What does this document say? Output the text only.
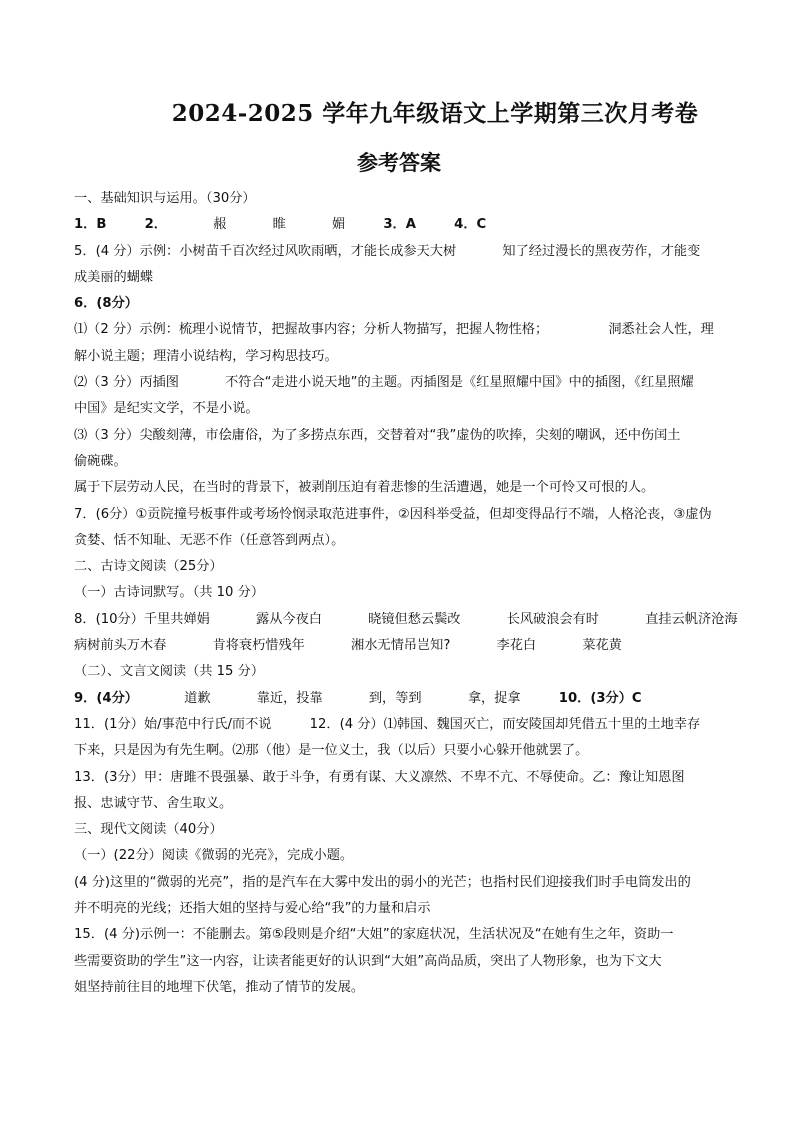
2024-2025 学年九年级语文上学期第三次月考卷
参考答案
一、基础知识与运用。（30分）
1．B	2．	赧	睢	媚	3．A	4．C
5．(4 分）示例：小树苗千百次经过风吹雨晒，才能长成参天大树	知了经过漫长的黑夜劳作，才能变
成美丽的蝴蝶
6．(8分）
⑴（2 分）示例：梳理小说情节，把握故事内容；分析人物描写，把握人物性格；	洞悉社会人性，理
解小说主题；理清小说结构，学习构思技巧。
⑵（3 分）丙插图	不符合“走进小说天地”的主题。丙插图是《红星照耀中国》中的插图，《红星照耀
中国》是纪实文学，不是小说。
⑶（3 分）尖酸刻薄，市侩庸俗，为了多捞点东西，交替着对“我”虚伪的吹捧，尖刻的嘲讽，还中伤闰土
偷碗碟。
属于下层劳动人民，在当时的背景下，被剥削压迫有着悲惨的生活遭遇，她是一个可怜又可恨的人。
7．(6分）①贡院撞号板事件或考场怜悯录取范进事件，②因科举受益，但却变得品行不端，人格沦丧，③虚伪
贪婪、恬不知耻、无恶不作（任意答到两点）。
二、古诗文阅读（25分）
（一）古诗词默写。（共 10 分）
8．(10分）千里共婵娟	露从今夜白	晓镜但愁云鬓改	长风破浪会有时	直挂云帆济沧海
病树前头万木春	肯将衰朽惜残年	湘水无情吊岂知?	李花白	菜花黄
（二）、文言文阅读（共 15 分）
9．(4分）	道歉	靠近，投靠	到，等到	拿，捉拿	10．(3分）C
11．(1分）始/事范中行氏/而不说	12．(4 分）⑴韩国、魏国灭亡，而安陵国却凭借五十里的土地幸存
下来，只是因为有先生啊。⑵那（他）是一位义士，我（以后）只要小心躲开他就罢了。
13．(3分）甲：唐雎不畏强暴、敢于斗争，有勇有谋、大义凛然、不卑不亢、不辱使命。乙：豫让知恩图
报、忠诚守节、舍生取义。
三、现代文阅读（40分）
（一）(22分）阅读《微弱的光亮》，完成小题。
(4 分)这里的“微弱的光亮”，指的是汽车在大雾中发出的弱小的光芒；也指村民们迎接我们时手电筒发出的
并不明亮的光线；还指大姐的坚持与爱心给“我”的力量和启示
15．(4 分)示例一：不能删去。第⑤段则是介绍“大姐”的家庭状况，生活状况及“在她有生之年，资助一
些需要资助的学生”这一内容，让读者能更好的认识到“大姐”高尚品质，突出了人物形象，也为下文大
姐坚持前往目的地埋下伏笔，推动了情节的发展。
